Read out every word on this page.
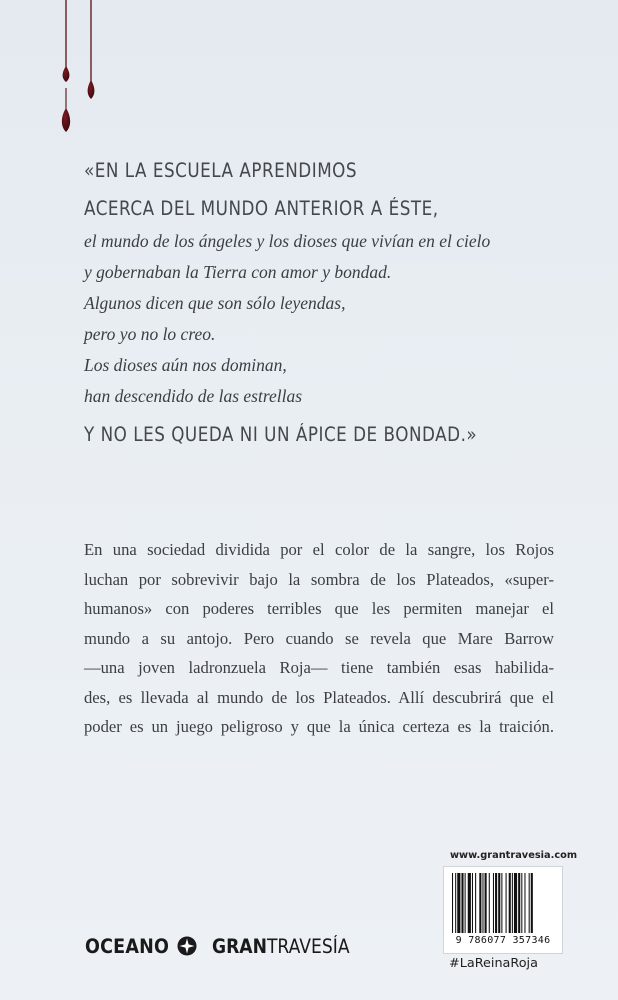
«EN LA ESCUELA APRENDIMOS
ACERCA DEL MUNDO ANTERIOR A ÉSTE,
el mundo de los ángeles y los dioses que vivían en el cielo
y gobernaban la Tierra con amor y bondad.
Algunos dicen que son sólo leyendas,
pero yo no lo creo.
Los dioses aún nos dominan,
han descendido de las estrellas
Y NO LES QUEDA NI UN ÁPICE DE BONDAD.»
En una sociedad dividida por el color de la sangre, los Rojos
luchan por sobrevivir bajo la sombra de los Plateados, «super-
humanos» con poderes terribles que les permiten manejar el
mundo a su antojo. Pero cuando se revela que Mare Barrow
—una joven ladronzuela Roja— tiene también esas habilida-
des, es llevada al mundo de los Plateados. Allí descubrirá que el
poder es un juego peligroso y que la única certeza es la traición.
OCEANO GRANTRAVESÍA
www.grantravesia.com
9 786077 357346
#LaReinaRoja
